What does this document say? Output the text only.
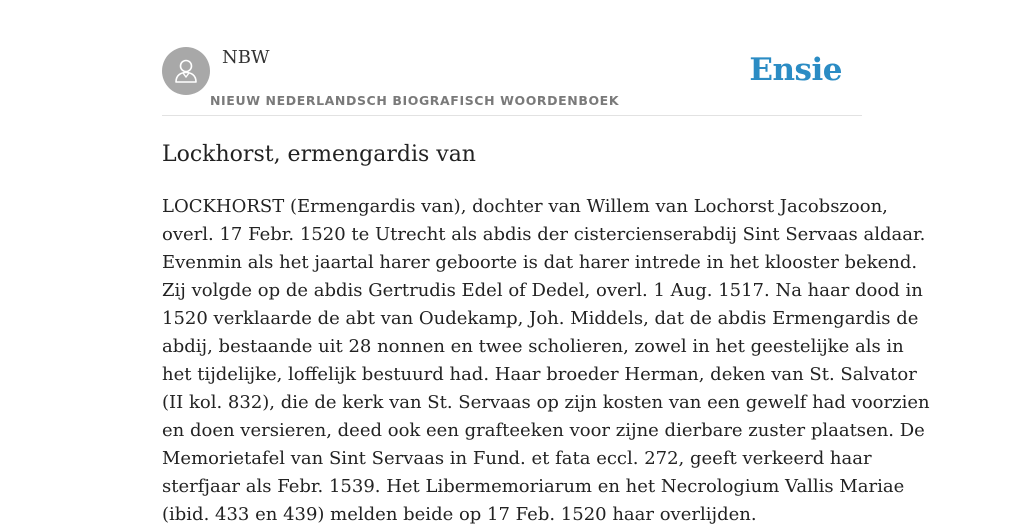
NBW
NIEUW NEDERLANDSCH BIOGRAFISCH WOORDENBOEK
Ensie
Lockhorst, ermengardis van
LOCKHORST (Ermengardis van), dochter van Willem van Lochorst Jacobszoon,
overl. 17 Febr. 1520 te Utrecht als abdis der cistercienserabdij Sint Servaas aldaar.
Evenmin als het jaartal harer geboorte is dat harer intrede in het klooster bekend.
Zij volgde op de abdis Gertrudis Edel of Dedel, overl. 1 Aug. 1517. Na haar dood in
1520 verklaarde de abt van Oudekamp, Joh. Middels, dat de abdis Ermengardis de
abdij, bestaande uit 28 nonnen en twee scholieren, zowel in het geestelijke als in
het tijdelijke, loffelijk bestuurd had. Haar broeder Herman, deken van St. Salvator
(II kol. 832), die de kerk van St. Servaas op zijn kosten van een gewelf had voorzien
en doen versieren, deed ook een grafteeken voor zijne dierbare zuster plaatsen. De
Memorietafel van Sint Servaas in Fund. et fata eccl. 272, geeft verkeerd haar
sterfjaar als Febr. 1539. Het Libermemoriarum en het Necrologium Vallis Mariae
(ibid. 433 en 439) melden beide op 17 Feb. 1520 haar overlijden.
